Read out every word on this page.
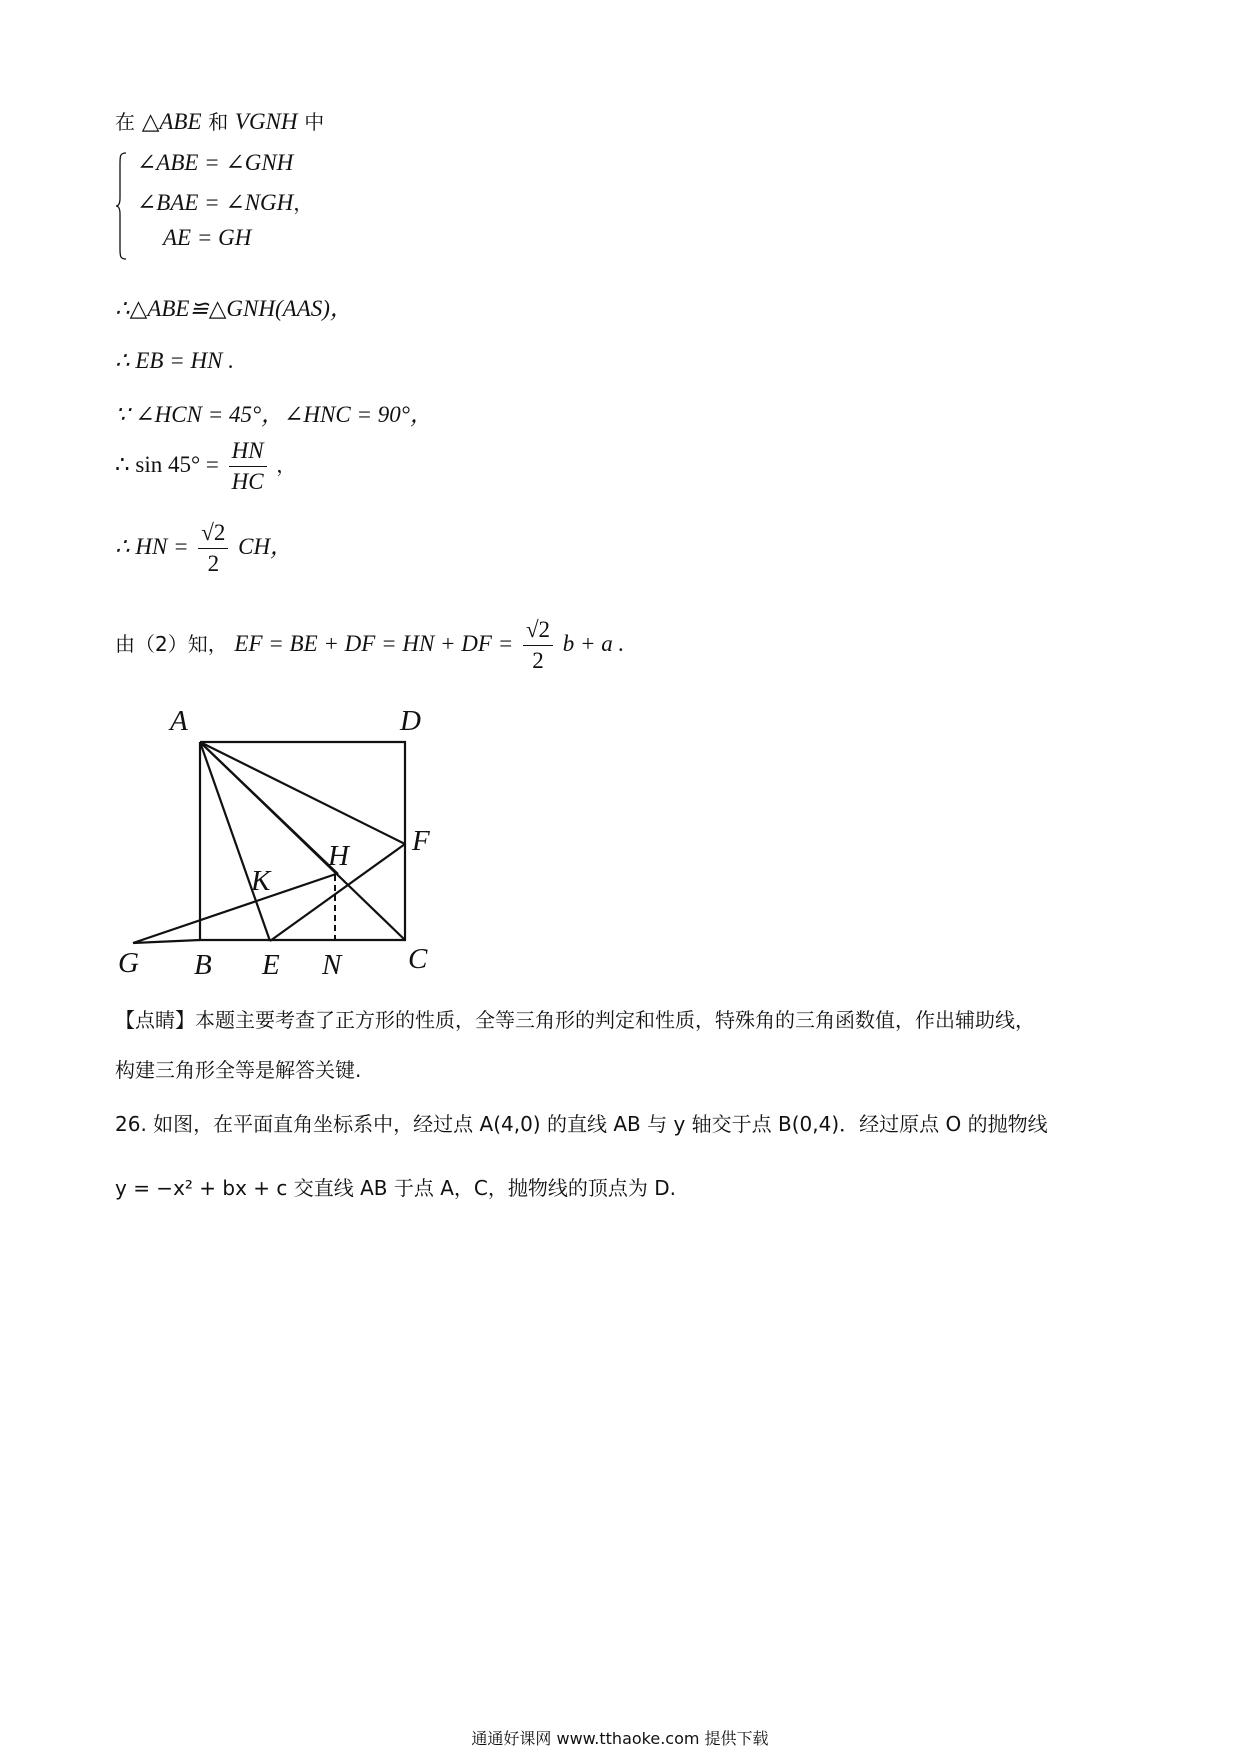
在 △ABE 和 VGNH 中
∠ABE = ∠GNH
∠BAE = ∠NGH，
AE = GH
∴△ABE≌△GNH(AAS)，
∴ EB = HN .
∵ ∠HCN = 45°，∠HNC = 90°，
∴ $\sin 45^\circ = \frac{HN}{HC}$ ，
∴ HN = $\frac{√2}{2}$ CH，
由（2）知， EF = BE + DF = HN + DF = $\frac{√2}{2}$ b + a .
A	D
F
H
K
G B E N C
【点睛】本题主要考查了正方形的性质，全等三角形的判定和性质，特殊角的三角函数值，作出辅助线，
构建三角形全等是解答关键.
26. 如图，在平面直角坐标系中，经过点 A(4,0) 的直线 AB 与 y 轴交于点 B(0,4)．经过原点 O 的抛物线
y = −x² + bx + c 交直线 AB 于点 A，C，抛物线的顶点为 D.
通通好课网 www.tthaoke.com 提供下载
